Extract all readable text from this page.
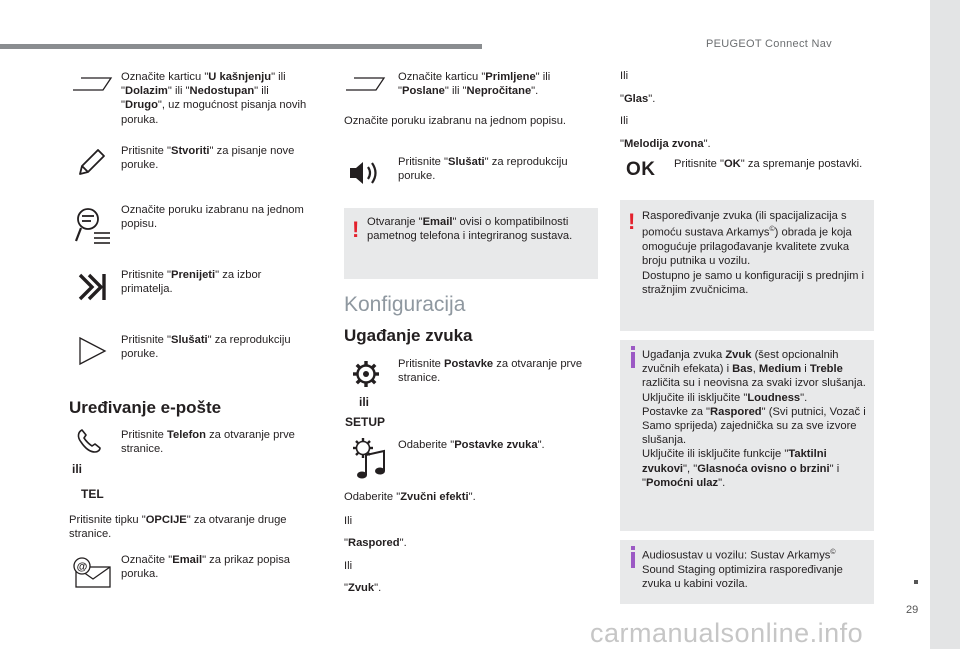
PEUGEOT Connect Nav
29
carmanualsonline.info
Označite karticu "U kašnjenju" ili "Dolazim" ili "Nedostupan" ili "Drugo", uz mogućnost pisanja novih poruka.
Pritisnite "Stvoriti" za pisanje nove poruke.
Označite poruku izabranu na jednom popisu.
Pritisnite "Prenijeti" za izbor primatelja.
Pritisnite "Slušati" za reprodukciju poruke.
Uređivanje e-pošte
ili
TEL
Pritisnite Telefon za otvaranje prve stranice.
Pritisnite tipku "OPCIJE" za otvaranje druge stranice.
@
Označite "Email" za prikaz popisa poruka.
Označite karticu "Primljene" ili "Poslane" ili "Nepročitane".
Označite poruku izabranu na jednom popisu.
Pritisnite "Slušati" za reprodukciju poruke.
! Otvaranje "Email" ovisi o kompatibilnosti pametnog telefona i integriranog sustava.
Konfiguracija
Ugađanje zvuka
ili
SETUP
Pritisnite Postavke za otvaranje prve stranice.
Odaberite "Postavke zvuka".
Odaberite "Zvučni efekti".
Ili
"Raspored".
Ili
"Zvuk".
Ili
"Glas".
Ili
"Melodija zvona".
OK Pritisnite "OK" za spremanje postavki.
! Raspoređivanje zvuka (ili spacijalizacija s pomoću sustava Arkamys©) obrada je koja omogućuje prilagođavanje kvalitete zvuka broju putnika u vozilu.
Dostupno je samo u konfiguraciji s prednjim i stražnjim zvučnicima.
Ugađanja zvuka Zvuk (šest opcionalnih zvučnih efekata) i Bas, Medium i Treble različita su i neovisna za svaki izvor slušanja.
Uključite ili isključite "Loudness".
Postavke za "Raspored" (Svi putnici, Vozač i Samo sprijeda) zajednička su za sve izvore slušanja.
Uključite ili isključite funkcije "Taktilni zvukovi", "Glasnoća ovisno o brzini" i "Pomoćni ulaz".
Audiosustav u vozilu: Sustav Arkamys© Sound Staging optimizira raspoređivanje zvuka u kabini vozila.
